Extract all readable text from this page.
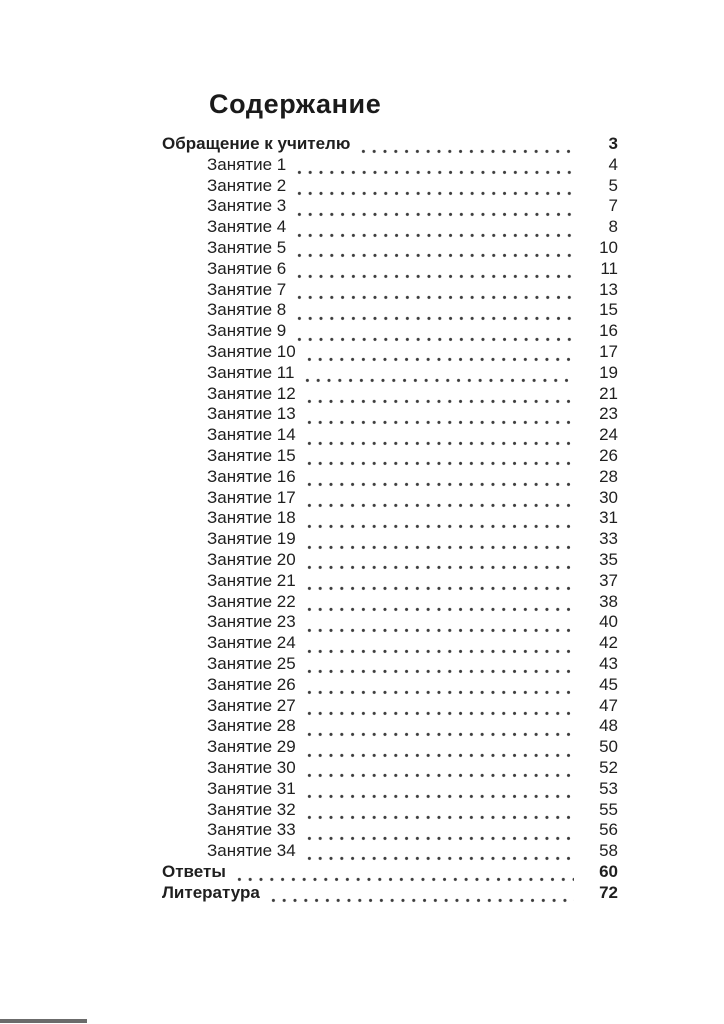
Содержание
Обращение к учителю	3
Занятие 1	4
Занятие 2	5
Занятие 3	7
Занятие 4	8
Занятие 5	10
Занятие 6	11
Занятие 7	13
Занятие 8	15
Занятие 9	16
Занятие 10	17
Занятие 11	19
Занятие 12	21
Занятие 13	23
Занятие 14	24
Занятие 15	26
Занятие 16	28
Занятие 17	30
Занятие 18	31
Занятие 19	33
Занятие 20	35
Занятие 21	37
Занятие 22	38
Занятие 23	40
Занятие 24	42
Занятие 25	43
Занятие 26	45
Занятие 27	47
Занятие 28	48
Занятие 29	50
Занятие 30	52
Занятие 31	53
Занятие 32	55
Занятие 33	56
Занятие 34	58
Ответы	60
Литература	72
